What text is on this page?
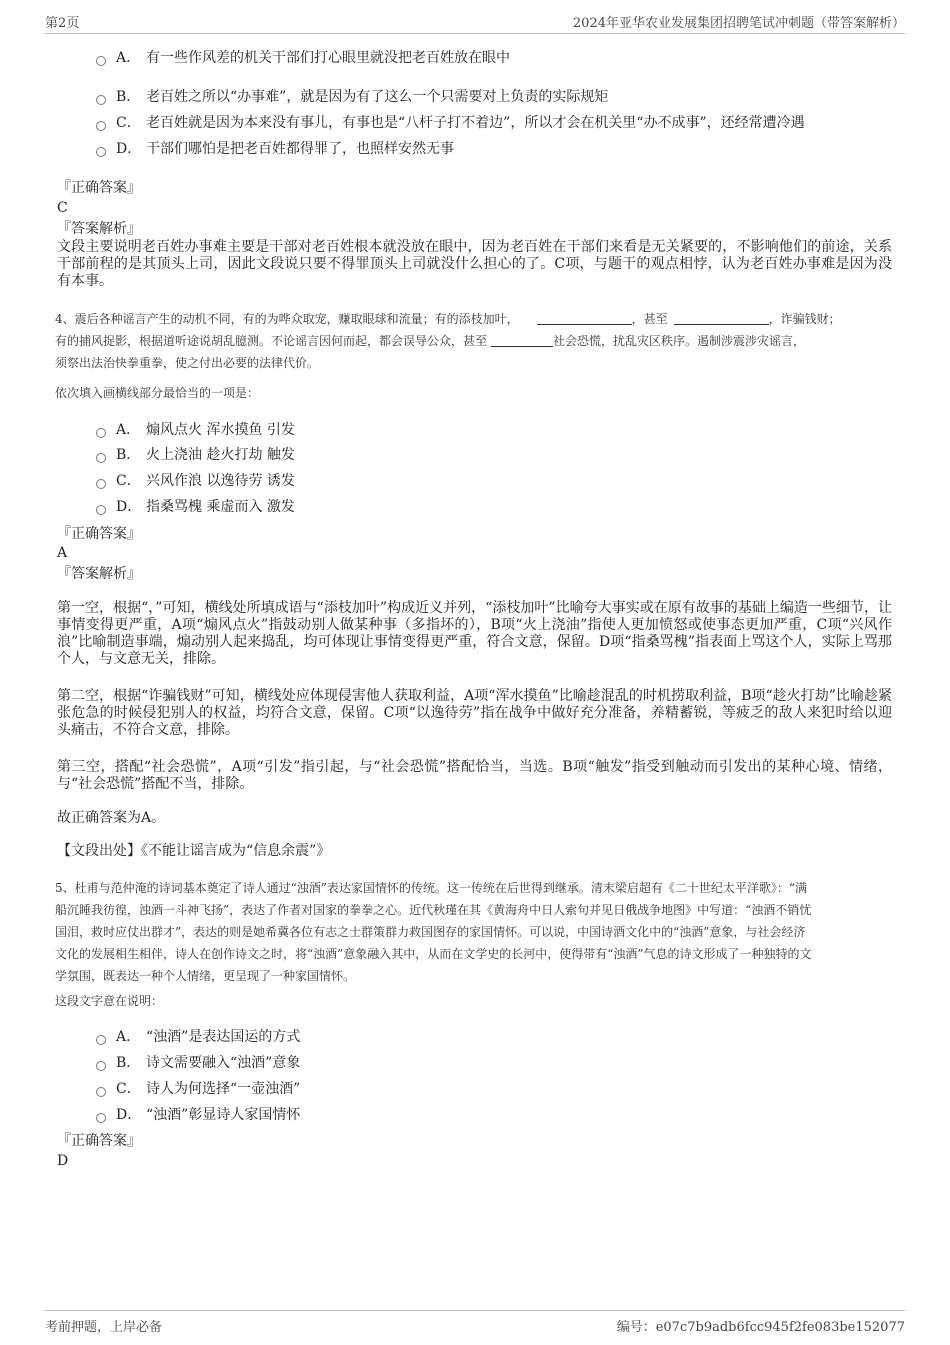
第2页	2024年亚华农业发展集团招聘笔试冲刺题（带答案解析）
A． 有一些作风差的机关干部们打心眼里就没把老百姓放在眼中
B． 老百姓之所以“办事难”，就是因为有了这么一个只需要对上负责的实际规矩
C． 老百姓就是因为本来没有事儿，有事也是“八杆子打不着边”，所以才会在机关里“办不成事”，还经常遭冷遇
D． 干部们哪怕是把老百姓都得罪了，也照样安然无事
『正确答案』
C
『答案解析』
文段主要说明老百姓办事难主要是干部对老百姓根本就没放在眼中，因为老百姓在干部们来看是无关紧要的，不影响他们的前途，关系干部前程的是其顶头上司，因此文段说只要不得罪顶头上司就没什么担心的了。C项，与题干的观点相悖，认为老百姓办事难是因为没有本事。
4、震后各种谣言产生的动机不同，有的为哗众取宠，赚取眼球和流量；有的添枝加叶，	，甚至	，诈骗钱财；
有的捕风捉影，根据道听途说胡乱臆测。不论谣言因何而起，都会误导公众，甚至	社会恐慌，扰乱灾区秩序。遏制涉震涉灾谣言，
须祭出法治快拳重拳，使之付出必要的法律代价。
依次填入画横线部分最恰当的一项是：
A． 煽风点火 浑水摸鱼 引发
B． 火上浇油 趁火打劫 触发
C． 兴风作浪 以逸待劳 诱发
D． 指桑骂槐 乘虚而入 激发
『正确答案』
A
『答案解析』
第一空，根据“，”可知，横线处所填成语与“添枝加叶”构成近义并列，“添枝加叶”比喻夸大事实或在原有故事的基础上编造一些细节，让事情变得更严重，A项“煽风点火”指鼓动别人做某种事（多指坏的），B项“火上浇油”指使人更加愤怒或使事态更加严重，C项“兴风作浪”比喻制造事端，煽动别人起来捣乱，均可体现让事情变得更严重，符合文意，保留。D项“指桑骂槐”指表面上骂这个人，实际上骂那个人，与文意无关，排除。
第二空，根据“诈骗钱财”可知，横线处应体现侵害他人获取利益，A项“浑水摸鱼”比喻趁混乱的时机捞取利益，B项“趁火打劫”比喻趁紧张危急的时候侵犯别人的权益，均符合文意，保留。C项“以逸待劳”指在战争中做好充分准备，养精蓄锐，等疲乏的敌人来犯时给以迎头痛击，不符合文意，排除。
第三空，搭配“社会恐慌”，A项“引发”指引起，与“社会恐慌”搭配恰当，当选。B项“触发”指受到触动而引发出的某种心境、情绪，与“社会恐慌”搭配不当，排除。
故正确答案为A。
【文段出处】《不能让谣言成为“信息余震”》
5、杜甫与范仲淹的诗词基本奠定了诗人通过“浊酒”表达家国情怀的传统。这一传统在后世得到继承。清末梁启超有《二十世纪太平洋歌》：“满
船沉睡我彷徨，浊酒一斗神飞扬”，表达了作者对国家的拳拳之心。近代秋瑾在其《黄海舟中日人索句并见日俄战争地图》中写道：“浊酒不销忧
国泪，救时应仗出群才”，表达的则是她希冀各位有志之士群策群力救国图存的家国情怀。可以说，中国诗酒文化中的“浊酒”意象，与社会经济
文化的发展相生相伴，诗人在创作诗文之时，将“浊酒”意象融入其中，从而在文学史的长河中，使得带有“浊酒”气息的诗文形成了一种独特的文
学氛围，既表达一种个人情绪，更呈现了一种家国情怀。
这段文字意在说明：
A． “浊酒”是表达国运的方式
B． 诗文需要融入“浊酒”意象
C． 诗人为何选择“一壶浊酒”
D． “浊酒”彰显诗人家国情怀
『正确答案』
D
考前押题，上岸必备	编号：e07c7b9adb6fcc945f2fe083be152077
